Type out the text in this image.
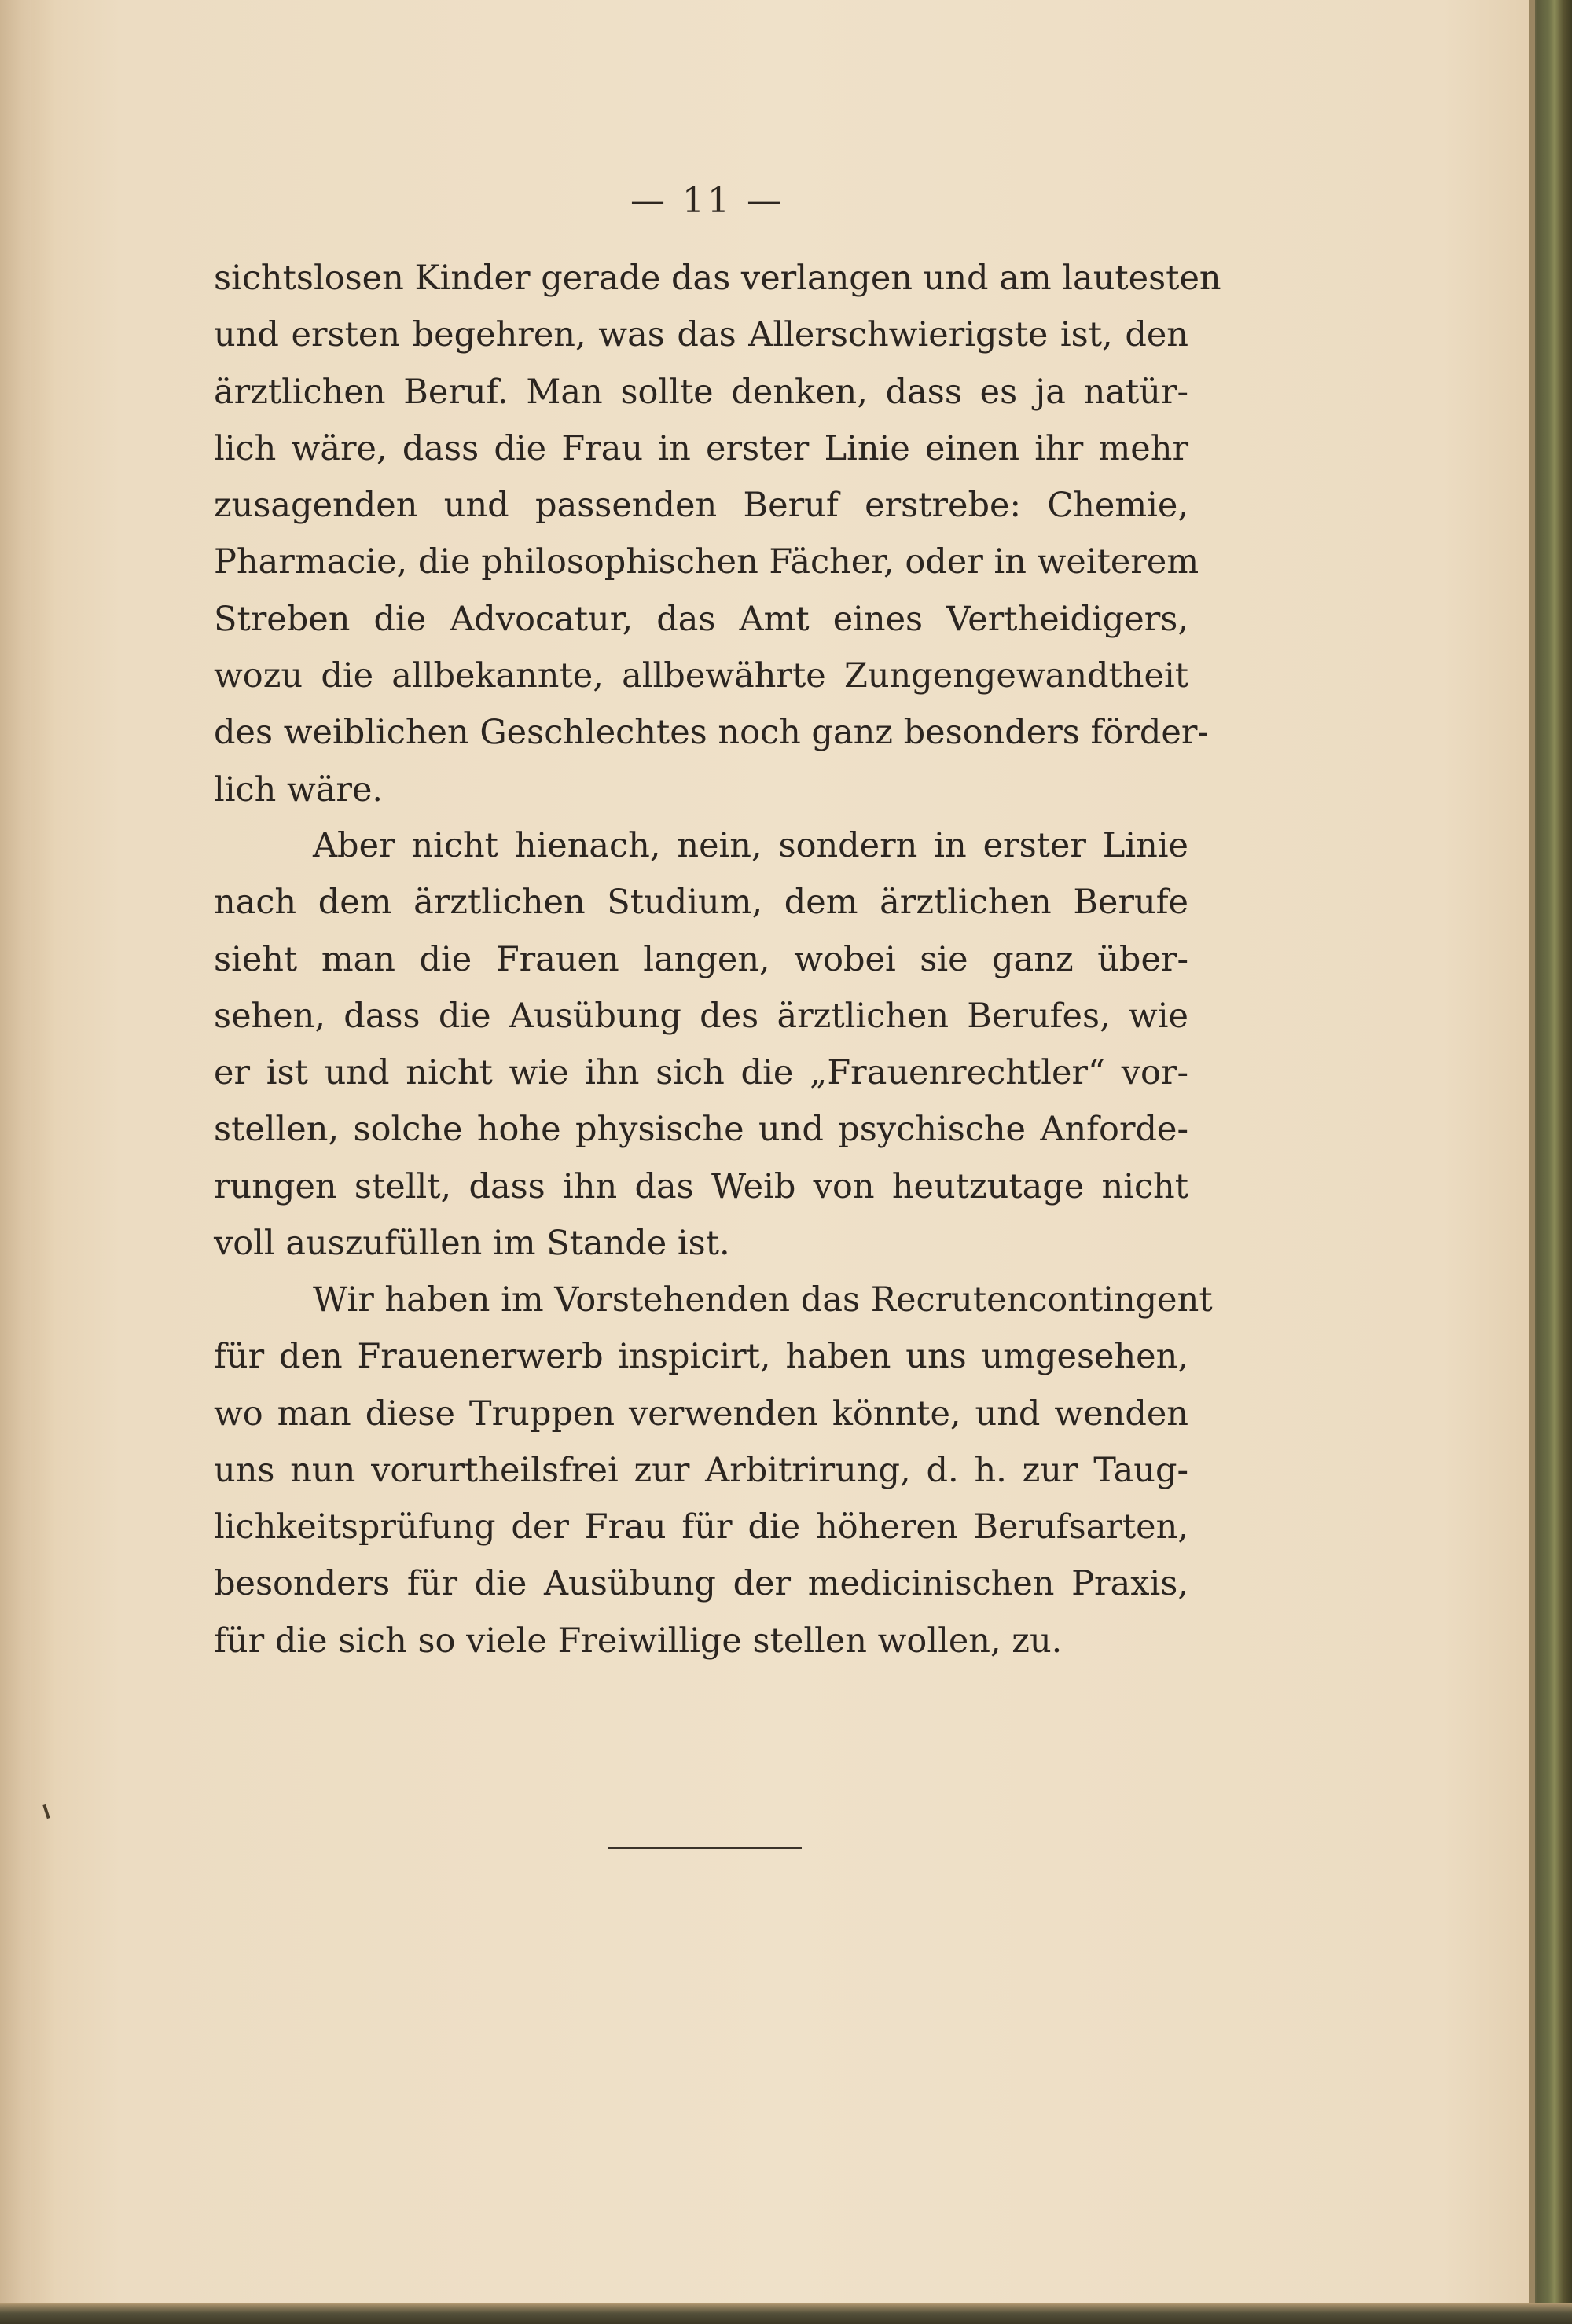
— 11 —
sichtslosen Kinder gerade das verlangen und am lautesten
und ersten begehren, was das Allerschwierigste ist, den
ärztlichen Beruf. Man sollte denken, dass es ja natür-
lich wäre, dass die Frau in erster Linie einen ihr mehr
zusagenden und passenden Beruf erstrebe: Chemie,
Pharmacie, die philosophischen Fächer, oder in weiterem
Streben die Advocatur, das Amt eines Vertheidigers,
wozu die allbekannte, allbewährte Zungengewandtheit
des weiblichen Geschlechtes noch ganz besonders förder-
lich wäre.
Aber nicht hienach, nein, sondern in erster Linie
nach dem ärztlichen Studium, dem ärztlichen Berufe
sieht man die Frauen langen, wobei sie ganz über-
sehen, dass die Ausübung des ärztlichen Berufes, wie
er ist und nicht wie ihn sich die „Frauenrechtler“ vor-
stellen, solche hohe physische und psychische Anforde-
rungen stellt, dass ihn das Weib von heutzutage nicht
voll auszufüllen im Stande ist.
Wir haben im Vorstehenden das Recrutencontingent
für den Frauenerwerb inspicirt, haben uns umgesehen,
wo man diese Truppen verwenden könnte, und wenden
uns nun vorurtheilsfrei zur Arbitrirung, d. h. zur Taug-
lichkeitsprüfung der Frau für die höheren Berufsarten,
besonders für die Ausübung der medicinischen Praxis,
für die sich so viele Freiwillige stellen wollen, zu.
